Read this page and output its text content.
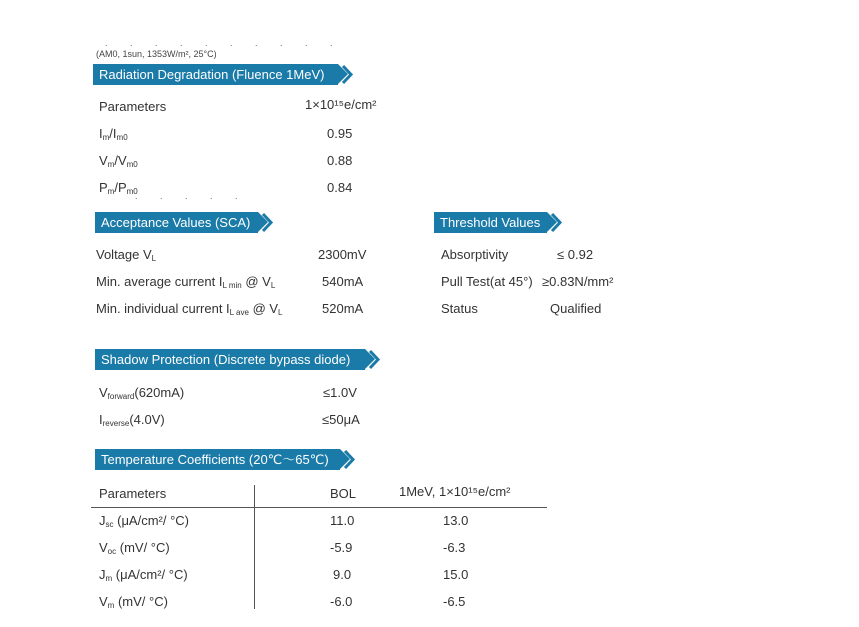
. . . . . . . . . .
(AM0, 1sun, 1353W/m², 25°C)
Radiation Degradation (Fluence 1MeV)
Parameters	1×10¹⁵e/cm²
$I_m/I_{m0}$	0.95
$V_m/V_{m0}$	0.88
$P_m/P_{m0}$	0.84
. . . . .
Acceptance Values (SCA)
Voltage $V_L$	2300mV
Min. average current $I_{L min}$ @ $V_L$	540mA
Min. individual current $I_{L ave}$ @ $V_L$	520mA
Threshold Values
Absorptivity	≤ 0.92
Pull Test(at 45°) ≥0.83N/mm²
Status	Qualified
Shadow Protection (Discrete bypass diode)
$V_{forward}(620mA)$	≤1.0V
$I_{reverse}(4.0V)$	≤50μA
Temperature Coefficients (20℃～65℃)
Parameters	BOL	1MeV, 1×10¹⁵e/cm²
$J_{sc}$ (μA/cm²/ °C)	11.0	13.0
$V_{oc}$ (mV/ °C)	-5.9	-6.3
$J_m$ (μA/cm²/ °C)	9.0	15.0
$V_m$ (mV/ °C)	-6.0	-6.5
